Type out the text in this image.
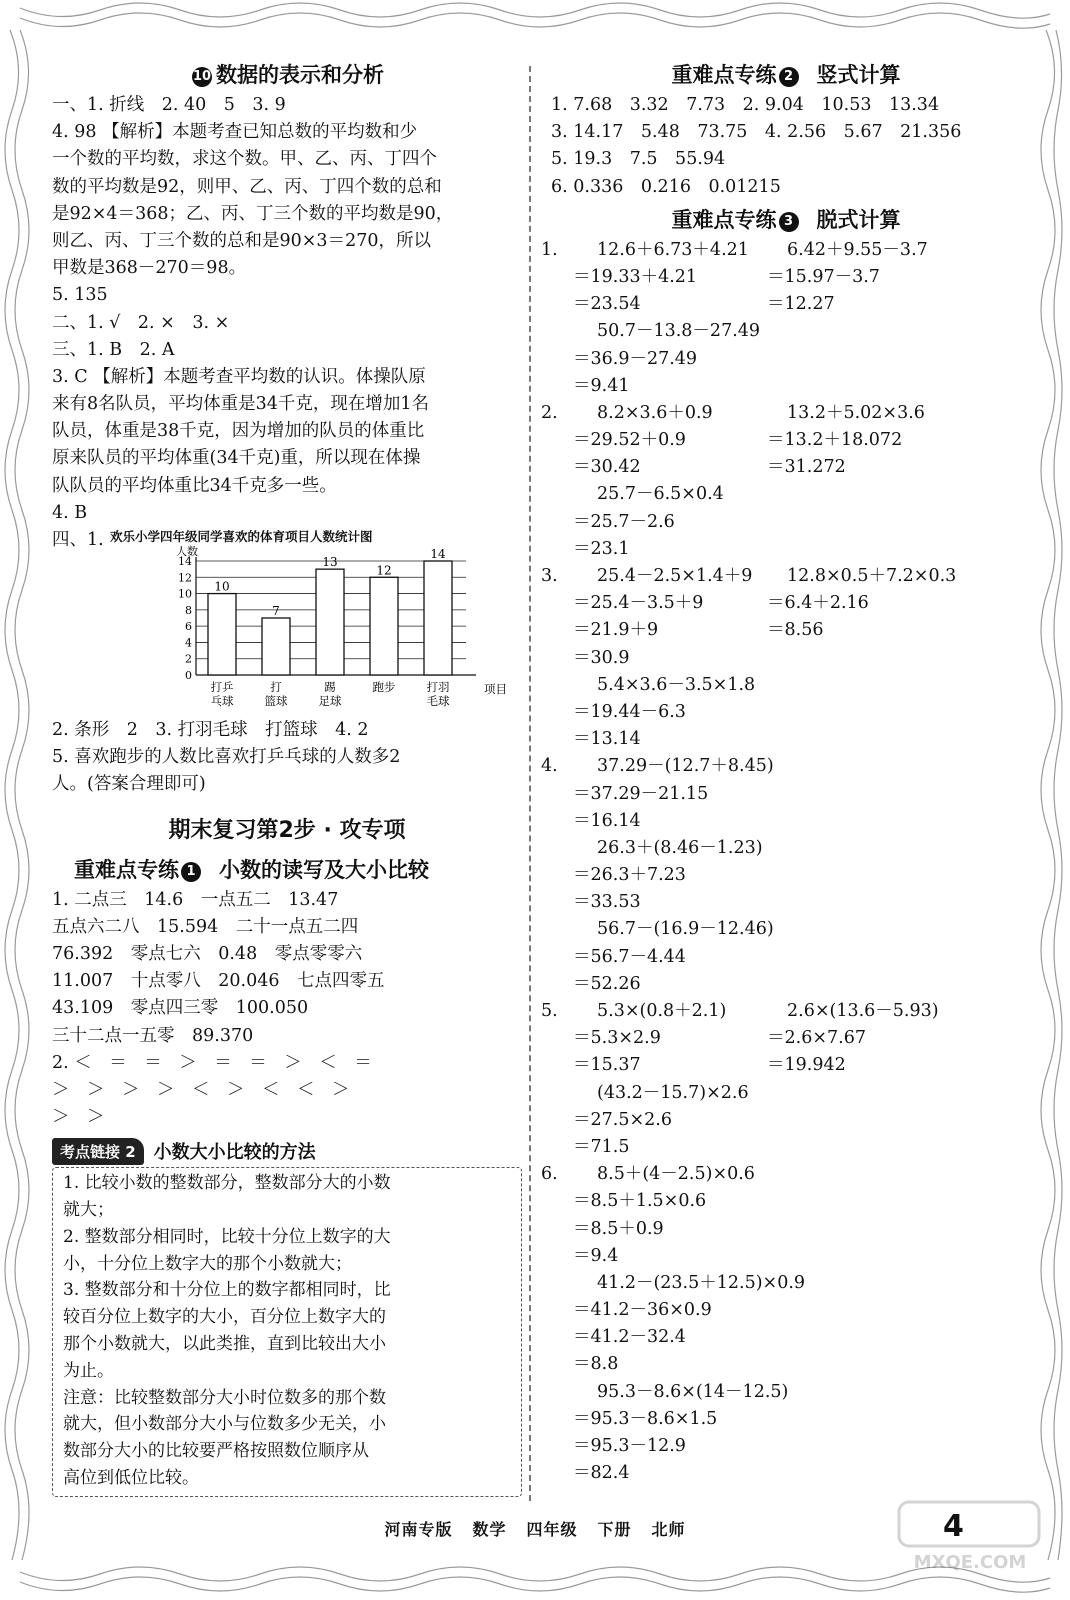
10 数据的表示和分析
一、1. 折线　2. 40　5　3. 9
4. 98 【解析】本题考查已知总数的平均数和少
一个数的平均数，求这个数。甲、乙、丙、丁四个
数的平均数是92，则甲、乙、丙、丁四个数的总和
是92×4＝368；乙、丙、丁三个数的平均数是90，
则乙、丙、丁三个数的总和是90×3＝270，所以
甲数是368－270＝98。
5. 135
二、1. √　2. ×　3. ×
三、1. B　2. A
3. C 【解析】本题考查平均数的认识。体操队原
来有8名队员，平均体重是34千克，现在增加1名
队员，体重是38千克，因为增加的队员的体重比
原来队员的平均体重(34千克)重，所以现在体操
队队员的平均体重比34千克多一些。
4. B
四、1. 欢乐小学四年级同学喜欢的体育项目人数统计图
人数
0
2
4
6
8
10
12
14
10
打乒
乓球
7
打
篮球
13
踢
足球
12
跑步
14
打羽
毛球
项目
2. 条形　2　3. 打羽毛球　打篮球　4. 2
5. 喜欢跑步的人数比喜欢打乒乓球的人数多2
人。(答案合理即可)
期末复习第2步 · 攻专项
重难点专练 1 小数的读写及大小比较
1. 二点三　14.6　一点五二　13.47
五点六二八　15.594　二十一点五二四
76.392　零点七六　0.48　零点零零六
11.007　十点零八　20.046　七点四零五
43.109　零点四三零　100.050
三十二点一五零　89.370
2. ＜　＝　＝　＞　＝　＝　＞　＜　＝
＞　＞　＞　＞　＜　＞　＜　＜　＞
＞　＞
考点链接 2	小数大小比较的方法
1. 比较小数的整数部分，整数部分大的小数
就大；
2. 整数部分相同时，比较十分位上数字的大
小，十分位上数字大的那个小数就大；
3. 整数部分和十分位上的数字都相同时，比
较百分位上数字的大小，百分位上数字大的
那个小数就大，以此类推，直到比较出大小
为止。
注意：比较整数部分大小时位数多的那个数
就大，但小数部分大小与位数多少无关，小
数部分大小的比较要严格按照数位顺序从
高位到低位比较。
重难点专练 2 竖式计算
1. 7.68　3.32　7.73　2. 9.04　10.53　13.34
3. 14.17　5.48　73.75　4. 2.56　5.67　21.356
5. 19.3　7.5　55.94
6. 0.336　0.216　0.01215
重难点专练 3 脱式计算
1. 12.6＋6.73＋4.21 6.42＋9.55－3.7
＝19.33＋4.21	＝15.97－3.7
＝23.54	＝12.27
50.7－13.8－27.49
＝36.9－27.49
＝9.41
2. 8.2×3.6＋0.9	13.2＋5.02×3.6
＝29.52＋0.9	＝13.2＋18.072
＝30.42	＝31.272
25.7－6.5×0.4
＝25.7－2.6
＝23.1
3. 25.4－2.5×1.4＋9 12.8×0.5＋7.2×0.3
＝25.4－3.5＋9	＝6.4＋2.16
＝21.9＋9	＝8.56
＝30.9
5.4×3.6－3.5×1.8
＝19.44－6.3
＝13.14
4. 37.29－(12.7＋8.45)
＝37.29－21.15
＝16.14
26.3＋(8.46－1.23)
＝26.3＋7.23
＝33.53
56.7－(16.9－12.46)
＝56.7－4.44
＝52.26
5. 5.3×(0.8＋2.1)	2.6×(13.6－5.93)
＝5.3×2.9	＝2.6×7.67
＝15.37	＝19.942
(43.2－15.7)×2.6
＝27.5×2.6
＝71.5
6. 8.5＋(4－2.5)×0.6
＝8.5＋1.5×0.6
＝8.5＋0.9
＝9.4
41.2－(23.5＋12.5)×0.9
＝41.2－36×0.9
＝41.2－32.4
＝8.8
95.3－8.6×(14－12.5)
＝95.3－8.6×1.5
＝95.3－12.9
＝82.4
河南专版 数学 四年级 下册 北师	4
MXQE.COM
